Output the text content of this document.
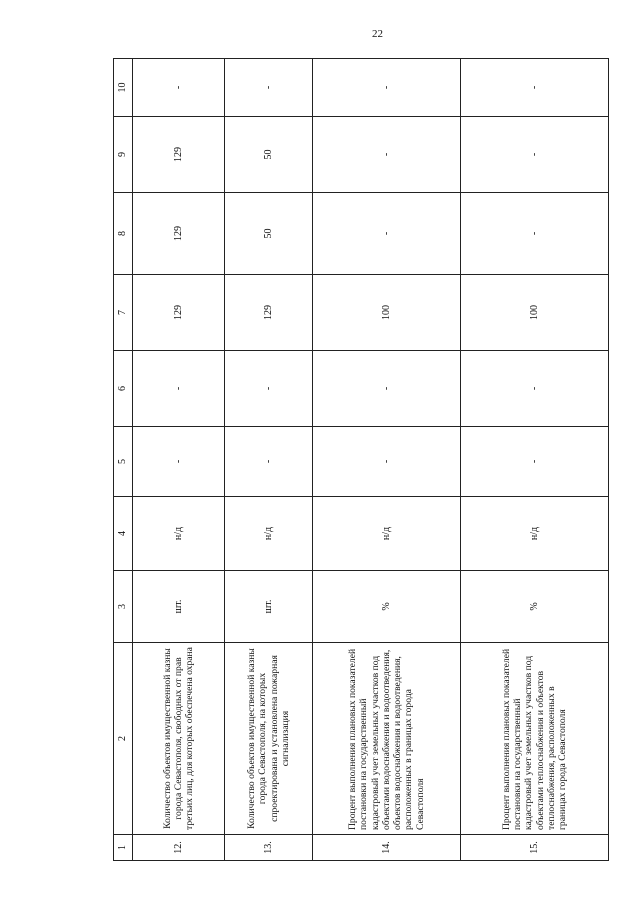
22
1	2	3	4	5	6	7	8	9	10
12.	Количество объектов имущественной казны города Севастополя, свободных от прав третьих лиц, для которых обеспечена охрана	шт.	н/д	-	-	129	129	129	-
13.	Количество объектов имущественной казны города Севастополя, на которых спроектирована и установлена пожарная сигнализация	шт.	н/д	-	-	129	50	50	-
14.	Процент выполнения плановых показателей постановки на государственный кадастровый учет земельных участков под объектами водоснабжения и водоотведения, объектов водоснабжения и водоотведения, расположенных в границах города Севастополя	%	н/д	-	-	100	-	-	-
15.	Процент выполнения плановых показателей постановки на государственный кадастровый учет земельных участков под объектами теплоснабжения и объектов теплоснабжения, расположенных в границах города Севастополя	%	н/д	-	-	100	-	-	-
